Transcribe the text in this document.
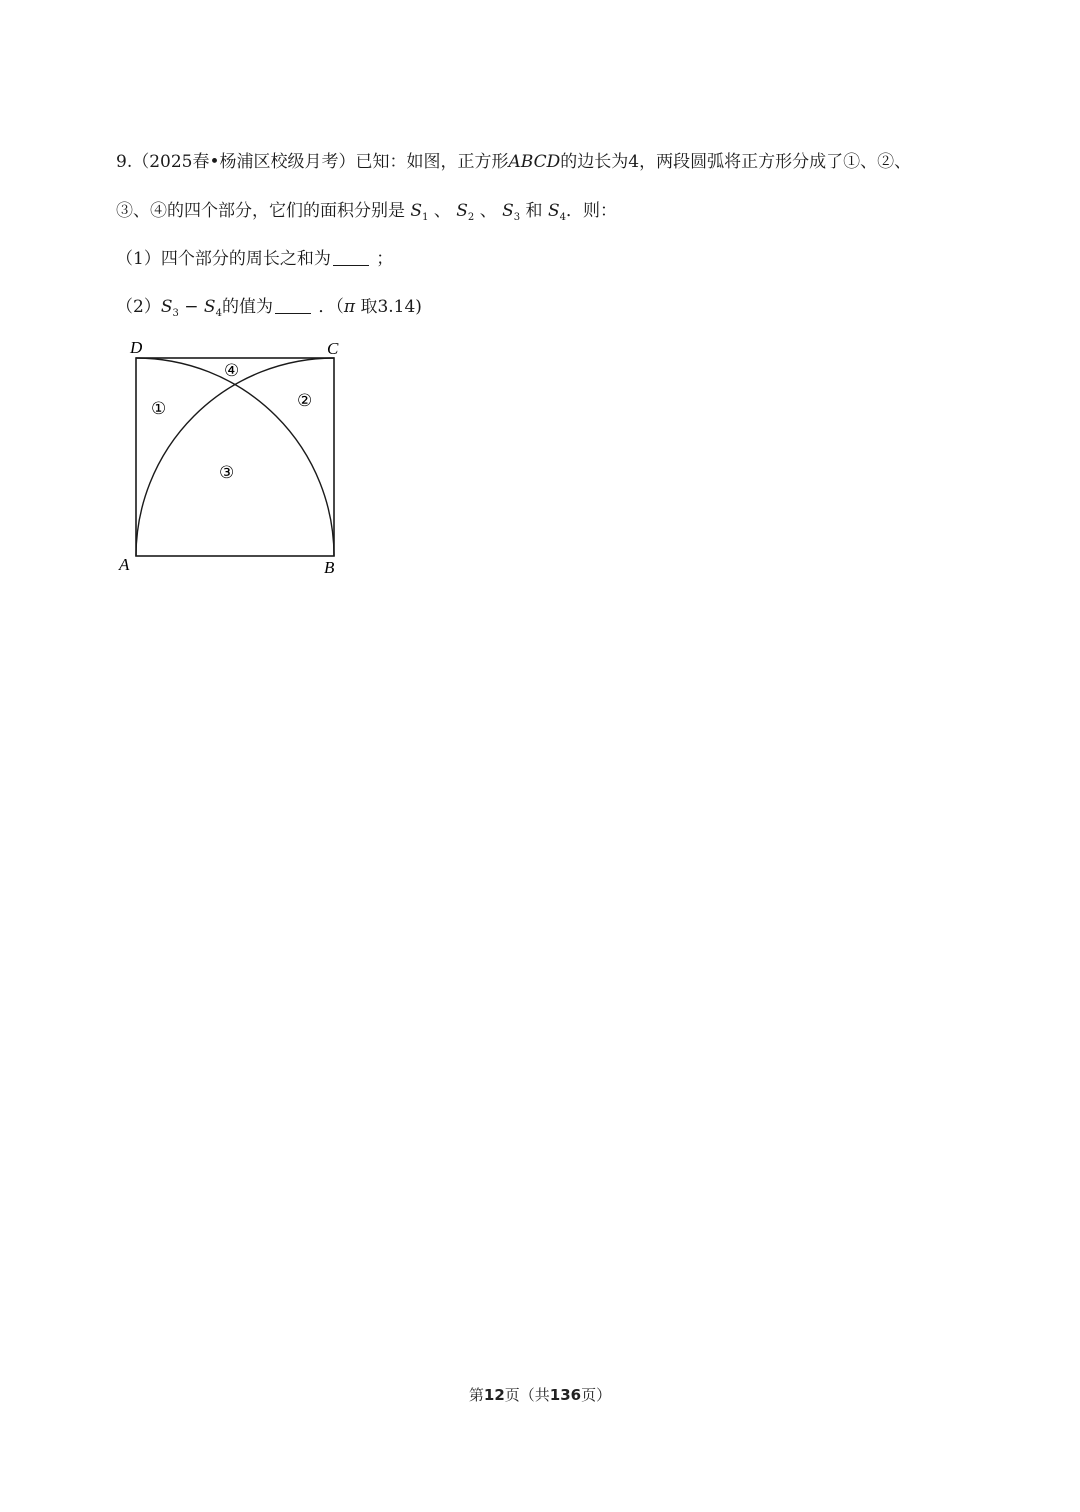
9.（2025春•杨浦区校级月考）已知：如图，正方形ABCD的边长为4，两段圆弧将正方形分成了①、②、
③、④的四个部分，它们的面积分别是 $S_1$ 、 $S_2$ 、 $S_3$ 和 $S_4$．则：
（1）四个部分的周长之和为	；
$(2)S_3 - S_4$的值为	．（π 取3.14)
D	C
A	B
①	②
③
④
第12页（共136页）
